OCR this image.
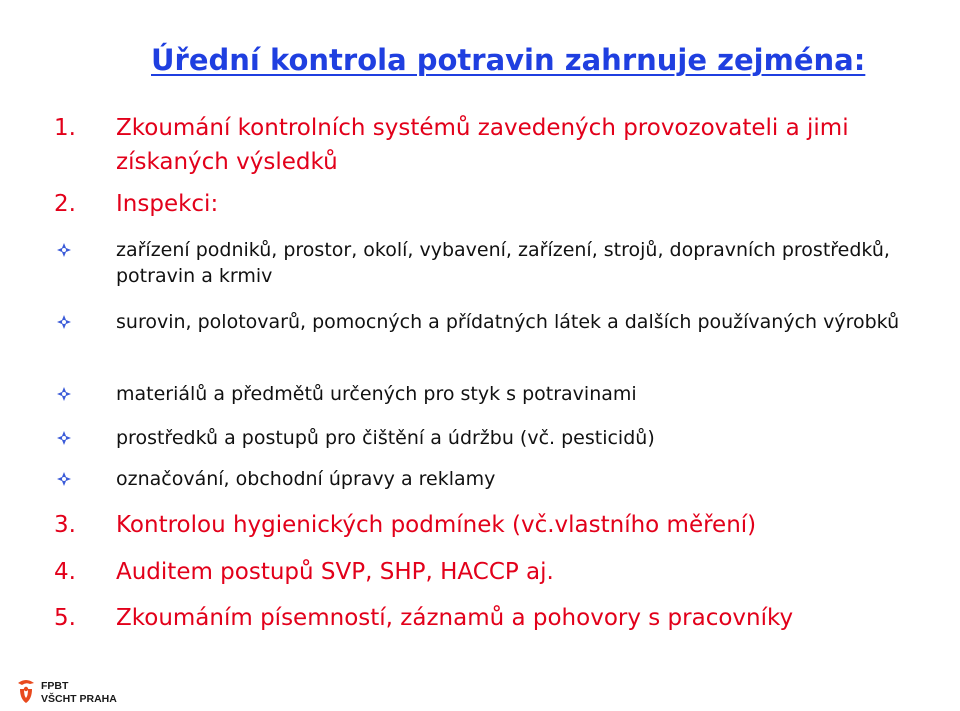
Úřední kontrola potravin zahrnuje zejména:
1. Zkoumání kontrolních systémů zavedených provozovateli a jimi získaných výsledků
2. Inspekci:
zařízení podniků, prostor, okolí, vybavení, zařízení, strojů, dopravních prostředků, potravin a krmiv
surovin, polotovarů, pomocných a přídatných látek a dalších používaných výrobků
materiálů a předmětů určených pro styk s potravinami
prostředků a postupů pro čištění a údržbu (vč. pesticidů)
označování, obchodní úpravy a reklamy
3. Kontrolou hygienických podmínek (vč.vlastního měření)
4. Auditem postupů SVP, SHP, HACCP aj.
5. Zkoumáním písemností, záznamů a pohovory s pracovníky
FPBT
VŠCHT PRAHA
